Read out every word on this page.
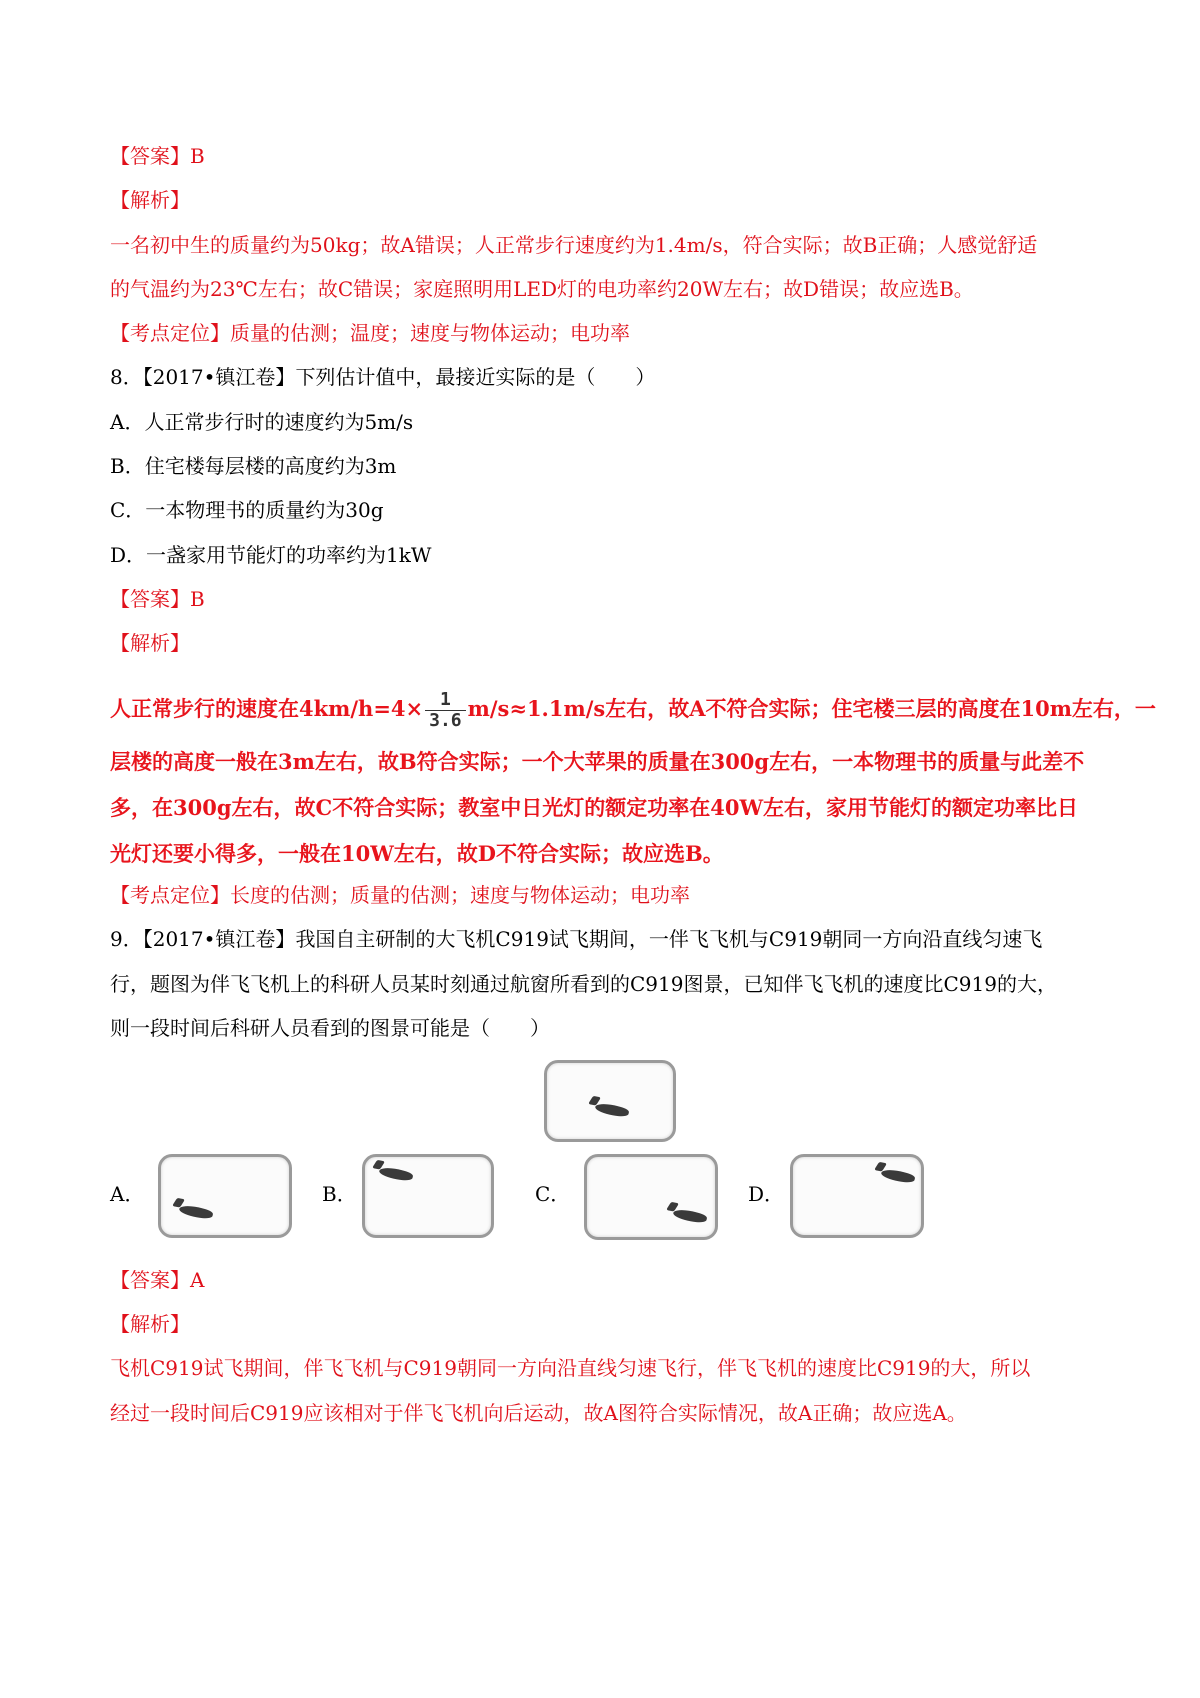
【答案】B
【解析】
一名初中生的质量约为50kg；故A错误；人正常步行速度约为1.4m/s，符合实际；故B正确；人感觉舒适
的气温约为23℃左右；故C错误；家庭照明用LED灯的电功率约20W左右；故D错误；故应选B。
【考点定位】质量的估测；温度；速度与物体运动；电功率
8．【2017•镇江卷】下列估计值中，最接近实际的是（　　）
A．人正常步行时的速度约为5m/s
B．住宅楼每层楼的高度约为3m
C．一本物理书的质量约为30g
D．一盏家用节能灯的功率约为1kW
【答案】B
【解析】
人正常步行的速度在$4km/h=4\times \frac{1}{3.6} m/s\approx 1.1m/s$左右，故A不符合实际；住宅楼三层的高度在10m左右，一
层楼的高度一般在3m左右，故B符合实际；一个大苹果的质量在300g左右，一本物理书的质量与此差不
多，在300g左右，故C不符合实际；教室中日光灯的额定功率在40W左右，家用节能灯的额定功率比日
光灯还要小得多，一般在10W左右，故D不符合实际；故应选B。
【考点定位】长度的估测；质量的估测；速度与物体运动；电功率
9．【2017•镇江卷】我国自主研制的大飞机C919试飞期间，一伴飞飞机与C919朝同一方向沿直线匀速飞
行，题图为伴飞飞机上的科研人员某时刻通过航窗所看到的C919图景，已知伴飞飞机的速度比C919的大，
则一段时间后科研人员看到的图景可能是（　　）
A．	B．	C．	D．
【答案】A
【解析】
飞机C919试飞期间，伴飞飞机与C919朝同一方向沿直线匀速飞行，伴飞飞机的速度比C919的大，所以
经过一段时间后C919应该相对于伴飞飞机向后运动，故A图符合实际情况，故A正确；故应选A。
